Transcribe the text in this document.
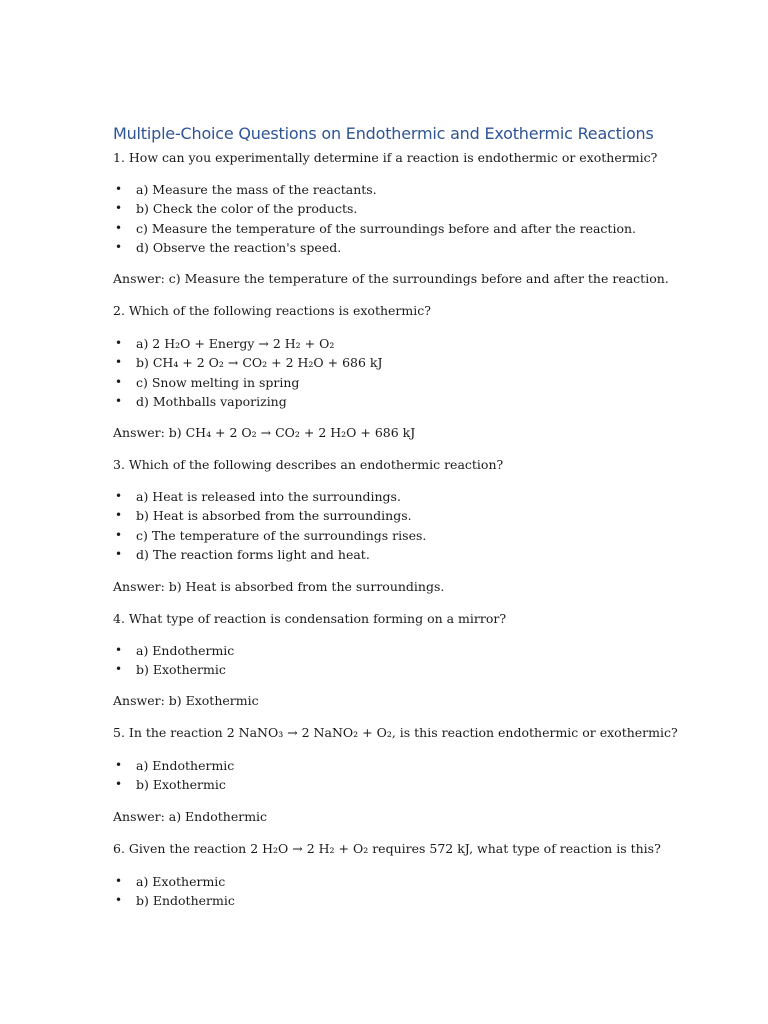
Multiple-Choice Questions on Endothermic and Exothermic Reactions

1. How can you experimentally determine if a reaction is endothermic or exothermic?

• a) Measure the mass of the reactants.
• b) Check the color of the products.
• c) Measure the temperature of the surroundings before and after the reaction.
• d) Observe the reaction's speed.

Answer: c) Measure the temperature of the surroundings before and after the reaction.

2. Which of the following reactions is exothermic?

• a) 2 H₂O + Energy → 2 H₂ + O₂
• b) CH₄ + 2 O₂ → CO₂ + 2 H₂O + 686 kJ
• c) Snow melting in spring
• d) Mothballs vaporizing

Answer: b) CH₄ + 2 O₂ → CO₂ + 2 H₂O + 686 kJ

3. Which of the following describes an endothermic reaction?

• a) Heat is released into the surroundings.
• b) Heat is absorbed from the surroundings.
• c) The temperature of the surroundings rises.
• d) The reaction forms light and heat.

Answer: b) Heat is absorbed from the surroundings.

4. What type of reaction is condensation forming on a mirror?

• a) Endothermic
• b) Exothermic

Answer: b) Exothermic

5. In the reaction 2 NaNO₃ → 2 NaNO₂ + O₂, is this reaction endothermic or exothermic?

• a) Endothermic
• b) Exothermic

Answer: a) Endothermic

6. Given the reaction 2 H₂O → 2 H₂ + O₂ requires 572 kJ, what type of reaction is this?

• a) Exothermic
• b) Endothermic
